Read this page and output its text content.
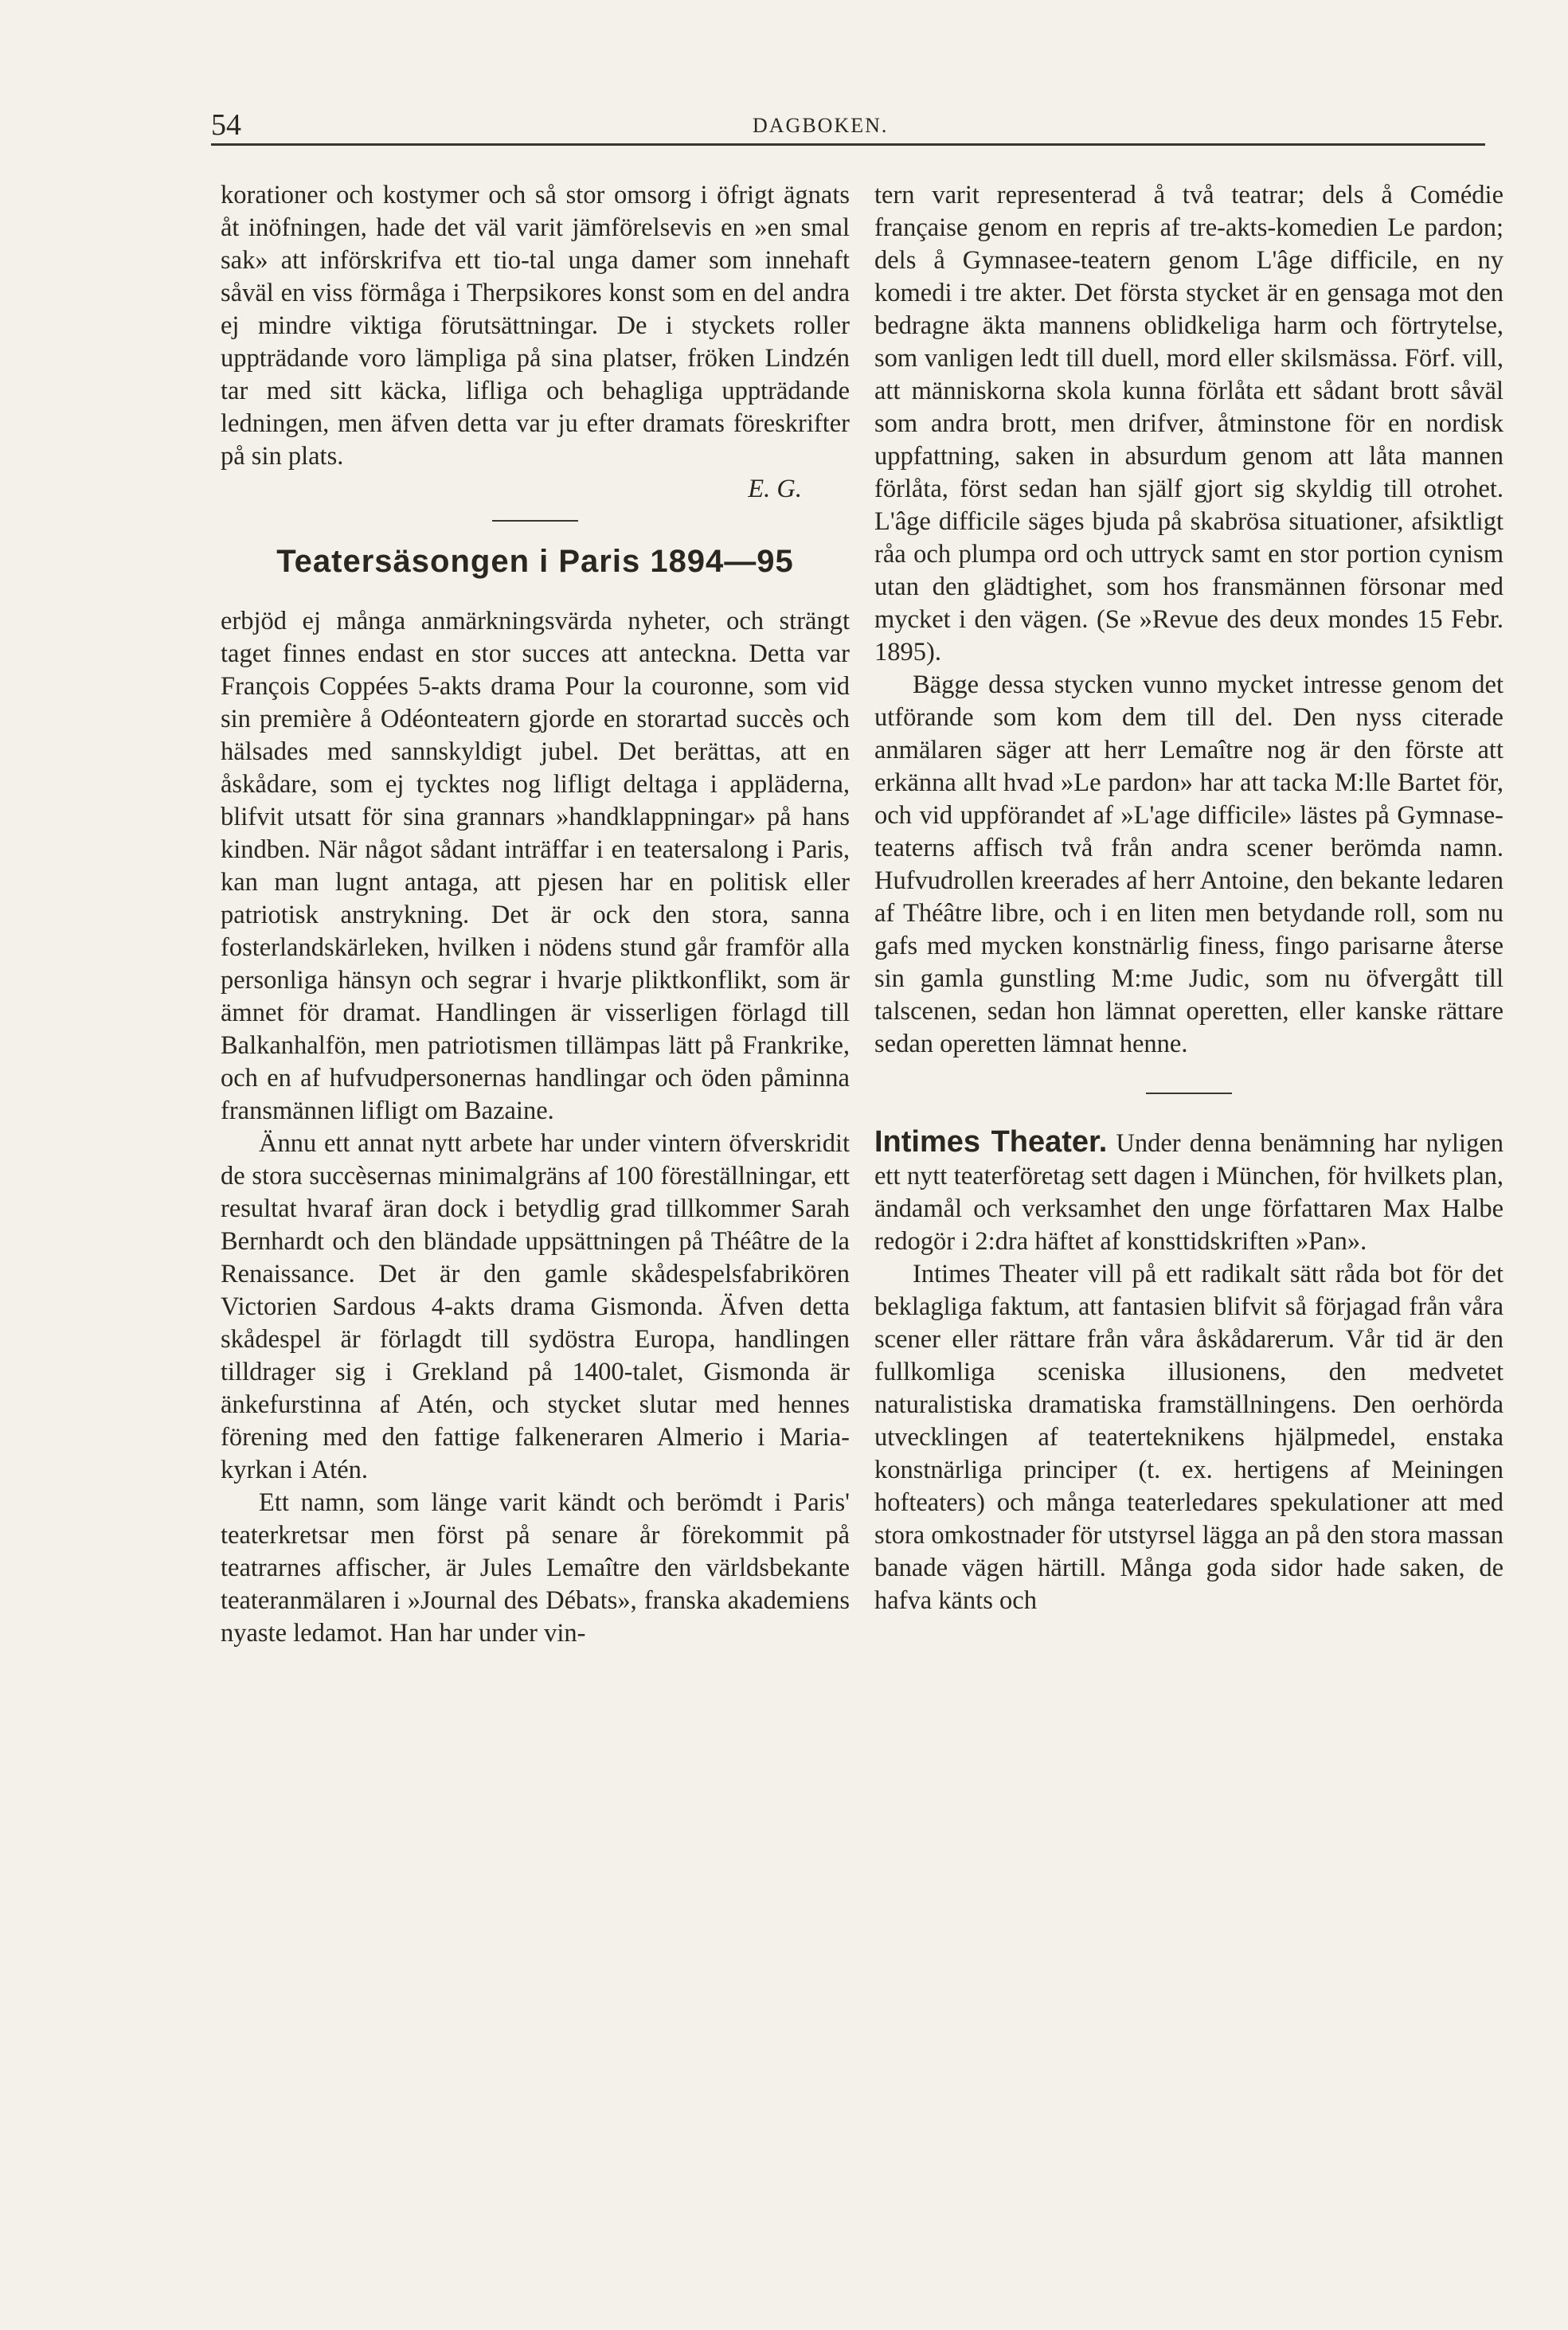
54	DAGBOKEN.

korationer och kostymer och så stor omsorg i öfrigt ägnats åt inöfningen, hade det väl varit jämförelsevis en »en smal sak» att införskrifva ett tio-tal unga damer som innehaft såväl en viss förmåga i Therpsikores konst som en del andra ej mindre viktiga förutsättningar. De i styckets roller uppträdande voro lämpliga på sina platser, fröken Lindzén tar med sitt käcka, lifliga och behagliga uppträdande ledningen, men äfven detta var ju efter dramats föreskrifter på sin plats.

E. G.

Teatersäsongen i Paris 1894—95

erbjöd ej många anmärkningsvärda nyheter, och strängt taget finnes endast en stor succes att anteckna. Detta var François Coppées 5-akts drama Pour la couronne, som vid sin première å Odéonteatern gjorde en storartad succès och hälsades med sannskyldigt jubel. Det berättas, att en åskådare, som ej tycktes nog lifligt deltaga i appläderna, blifvit utsatt för sina grannars »handklappningar» på hans kindben. När något sådant inträffar i en teatersalong i Paris, kan man lugnt antaga, att pjesen har en politisk eller patriotisk anstrykning. Det är ock den stora, sanna fosterlandskärleken, hvilken i nödens stund går framför alla personliga hänsyn och segrar i hvarje pliktkonflikt, som är ämnet för dramat. Handlingen är visserligen förlagd till Balkanhalfön, men patriotismen tillämpas lätt på Frankrike, och en af hufvudpersonernas handlingar och öden påminna fransmännen lifligt om Bazaine.

Ännu ett annat nytt arbete har under vintern öfverskridit de stora succèsernas minimalgräns af 100 föreställningar, ett resultat hvaraf äran dock i betydlig grad tillkommer Sarah Bernhardt och den bländade uppsättningen på Théâtre de la Renaissance. Det är den gamle skådespelsfabrikören Victorien Sardous 4-akts drama Gismonda. Äfven detta skådespel är förlagdt till sydöstra Europa, handlingen tilldrager sig i Grekland på 1400-talet, Gismonda är änkefurstinna af Atén, och stycket slutar med hennes förening med den fattige falkeneraren Almerio i Maria-kyrkan i Atén.

Ett namn, som länge varit kändt och berömdt i Paris' teaterkretsar men först på senare år förekommit på teatrarnes affischer, är Jules Lemaître den världsbekante teateranmälaren i »Journal des Débats», franska akademiens nyaste ledamot. Han har under vin-

tern varit representerad å två teatrar; dels å Comédie française genom en repris af tre-akts-komedien Le pardon; dels å Gymnasee-teatern genom L'âge difficile, en ny komedi i tre akter. Det första stycket är en gensaga mot den bedragne äkta mannens oblidkeliga harm och förtrytelse, som vanligen ledt till duell, mord eller skilsmässa. Förf. vill, att människorna skola kunna förlåta ett sådant brott såväl som andra brott, men drifver, åtminstone för en nordisk uppfattning, saken in absurdum genom att låta mannen förlåta, först sedan han själf gjort sig skyldig till otrohet. L'âge difficile säges bjuda på skabrösa situationer, afsiktligt råa och plumpa ord och uttryck samt en stor portion cynism utan den glädtighet, som hos fransmännen försonar med mycket i den vägen. (Se »Revue des deux mondes 15 Febr. 1895).

Bägge dessa stycken vunno mycket intresse genom det utförande som kom dem till del. Den nyss citerade anmälaren säger att herr Lemaître nog är den förste att erkänna allt hvad »Le pardon» har att tacka M:lle Bartet för, och vid uppförandet af »L'age difficile» lästes på Gymnase-teaterns affisch två från andra scener berömda namn. Hufvudrollen kreerades af herr Antoine, den bekante ledaren af Théâtre libre, och i en liten men betydande roll, som nu gafs med mycken konstnärlig finess, fingo parisarne återse sin gamla gunstling M:me Judic, som nu öfvergått till talscenen, sedan hon lämnat operetten, eller kanske rättare sedan operetten lämnat henne.

Intimes Theater. Under denna benämning har nyligen ett nytt teaterföretag sett dagen i München, för hvilkets plan, ändamål och verksamhet den unge författaren Max Halbe redogör i 2:dra häftet af konsttidskriften »Pan».

Intimes Theater vill på ett radikalt sätt råda bot för det beklagliga faktum, att fantasien blifvit så förjagad från våra scener eller rättare från våra åskådarerum. Vår tid är den fullkomliga sceniska illusionens, den medvetet naturalistiska dramatiska framställningens. Den oerhörda utvecklingen af teaterteknikens hjälpmedel, enstaka konstnärliga principer (t. ex. hertigens af Meiningen hofteaters) och många teaterledares spekulationer att med stora omkostnader för utstyrsel lägga an på den stora massan banade vägen härtill. Många goda sidor hade saken, de hafva känts och
